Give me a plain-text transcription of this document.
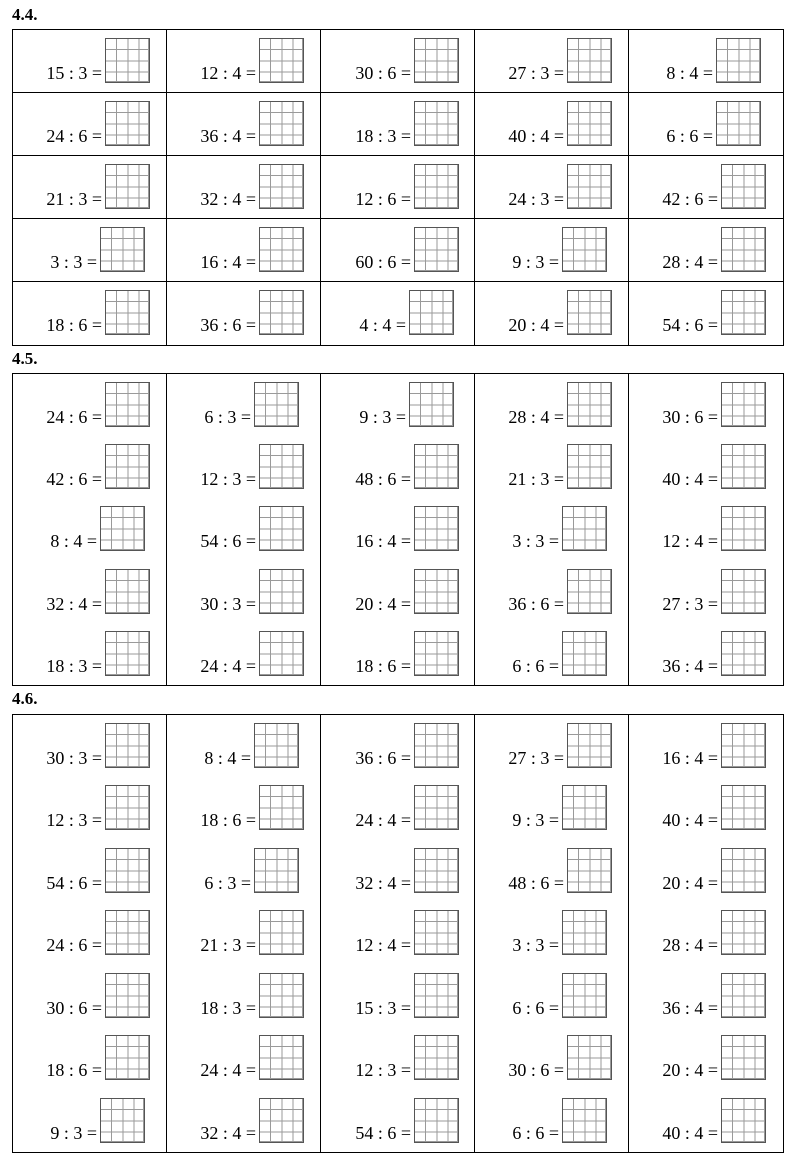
4.4.
15 : 3 =	12 : 4 =	30 : 6 =	27 : 3 =	8 : 4 =
24 : 6 =	36 : 4 =	18 : 3 =	40 : 4 =	6 : 6 =
21 : 3 =	32 : 4 =	12 : 6 =	24 : 3 =	42 : 6 =
3 : 3 =	16 : 4 =	60 : 6 =	9 : 3 =	28 : 4 =
18 : 6 =	36 : 6 =	4 : 4 =	20 : 4 =	54 : 6 =
4.5.
24 : 6 =	6 : 3 =	9 : 3 =	28 : 4 =	30 : 6 =
42 : 6 =	12 : 3 =	48 : 6 =	21 : 3 =	40 : 4 =
8 : 4 =	54 : 6 =	16 : 4 =	3 : 3 =	12 : 4 =
32 : 4 =	30 : 3 =	20 : 4 =	36 : 6 =	27 : 3 =
18 : 3 =	24 : 4 =	18 : 6 =	6 : 6 =	36 : 4 =
4.6.
30 : 3 =	8 : 4 =	36 : 6 =	27 : 3 =	16 : 4 =
12 : 3 =	18 : 6 =	24 : 4 =	9 : 3 =	40 : 4 =
54 : 6 =	6 : 3 =	32 : 4 =	48 : 6 =	20 : 4 =
24 : 6 =	21 : 3 =	12 : 4 =	3 : 3 =	28 : 4 =
30 : 6 =	18 : 3 =	15 : 3 =	6 : 6 =	36 : 4 =
18 : 6 =	24 : 4 =	12 : 3 =	30 : 6 =	20 : 4 =
9 : 3 =	32 : 4 =	54 : 6 =	6 : 6 =	40 : 4 =
